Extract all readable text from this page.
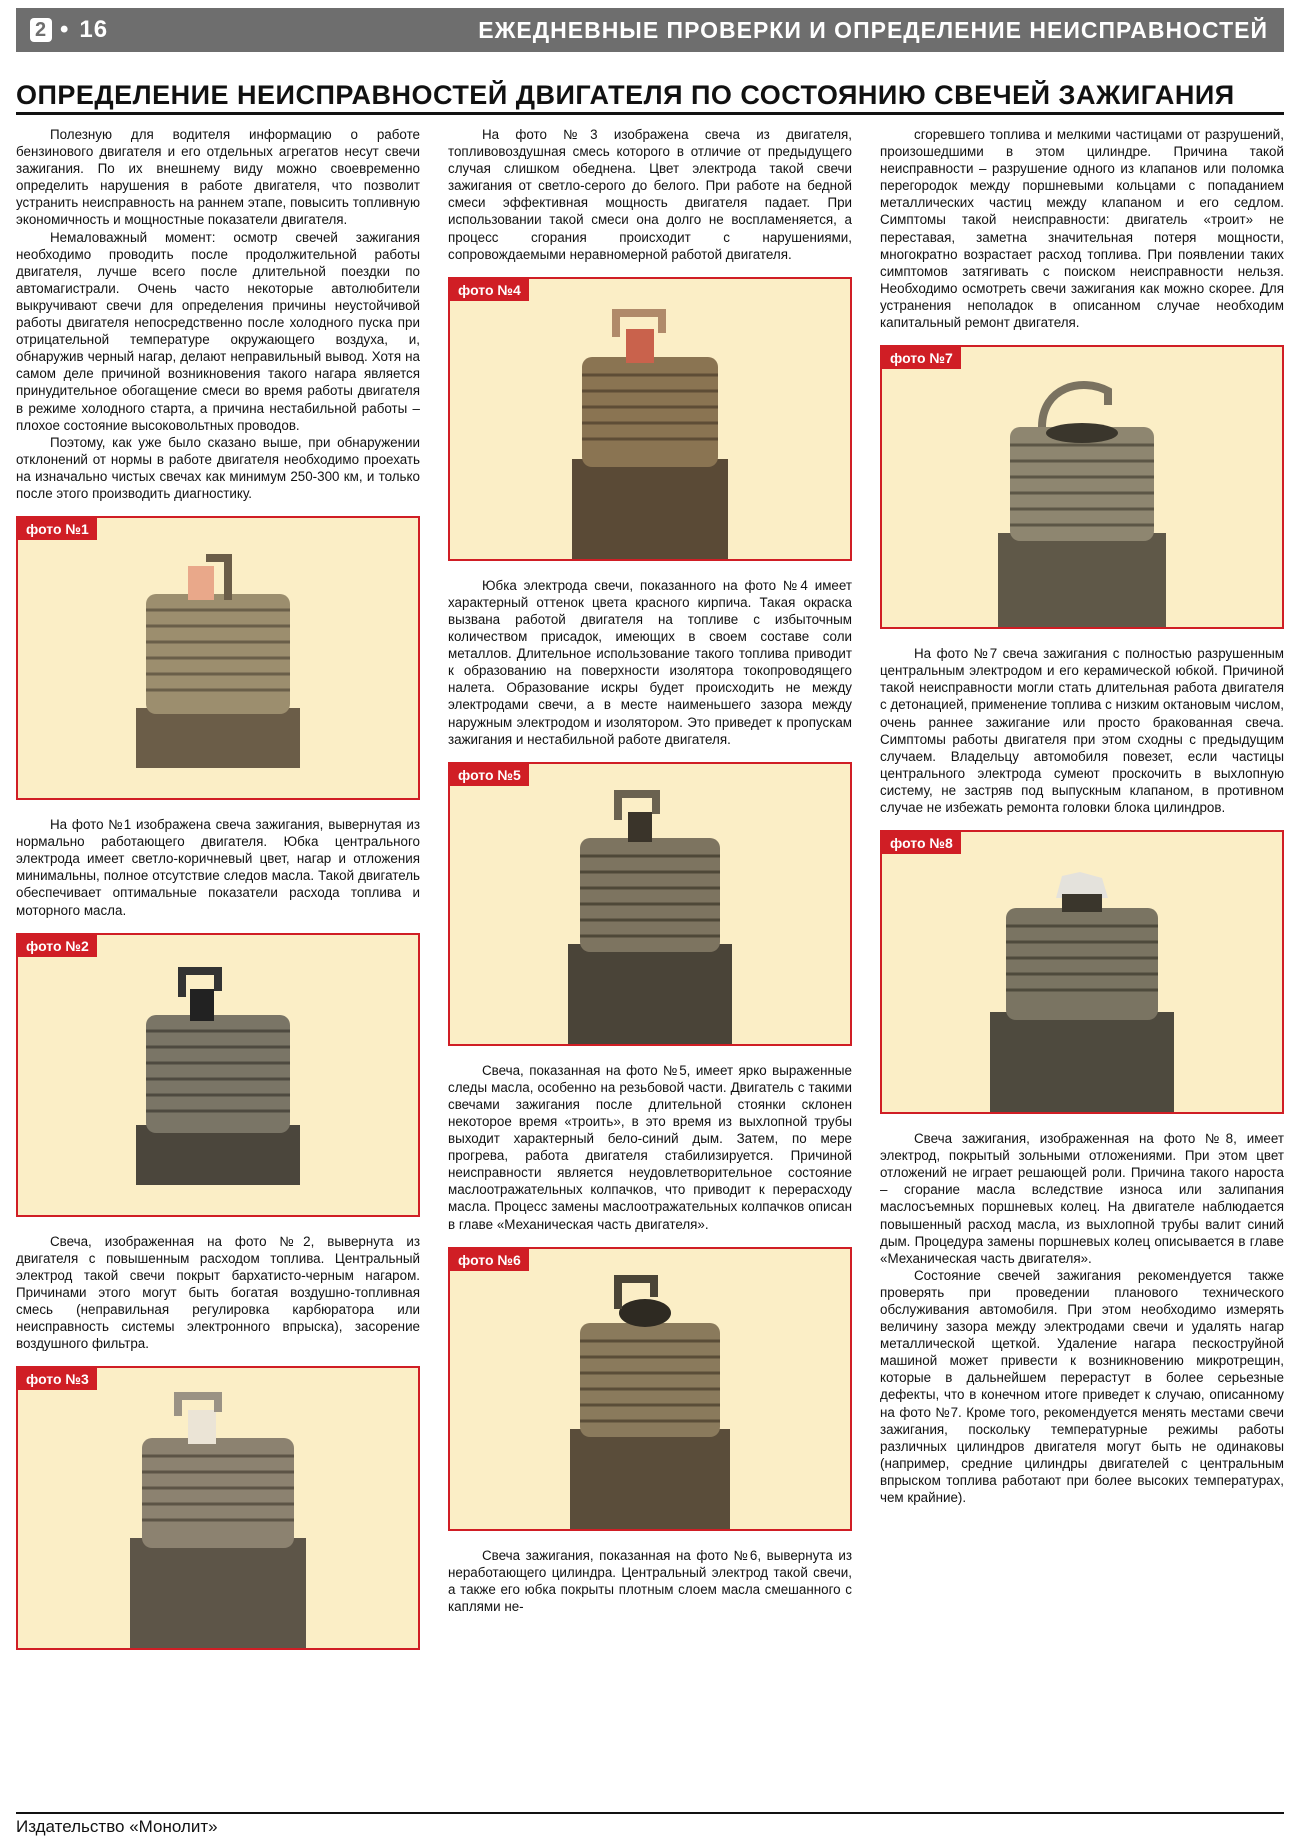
2 • 16	ЕЖЕДНЕВНЫЕ ПРОВЕРКИ И ОПРЕДЕЛЕНИЕ НЕИСПРАВНОСТЕЙ
ОПРЕДЕЛЕНИЕ НЕИСПРАВНОСТЕЙ ДВИГАТЕЛЯ ПО СОСТОЯНИЮ СВЕЧЕЙ ЗАЖИГАНИЯ

Полезную для водителя информацию о работе бензинового двигателя и его отдельных агрегатов несут свечи зажигания. По их внешнему виду можно своевременно определить нарушения в работе двигателя, что позволит устранить неисправность на раннем этапе, повысить топливную экономичность и мощностные показатели двигателя.

Немаловажный момент: осмотр свечей зажигания необходимо проводить после продолжительной работы двигателя, лучше всего после длительной поездки по автомагистрали. Очень часто некоторые автолюбители выкручивают свечи для определения причины неустойчивой работы двигателя непосредственно после холодного пуска при отрицательной температуре окружающего воздуха, и, обнаружив черный нагар, делают неправильный вывод. Хотя на самом деле причиной возникновения такого нагара является принудительное обогащение смеси во время работы двигателя в режиме холодного старта, а причина нестабильной работы – плохое состояние высоковольтных проводов.

Поэтому, как уже было сказано выше, при обнаружении отклонений от нормы в работе двигателя необходимо проехать на изначально чистых свечах как минимум 250-300 км, и только после этого производить диагностику.

фото №1

На фото №1 изображена свеча зажигания, вывернутая из нормально работающего двигателя. Юбка центрального электрода имеет светло-коричневый цвет, нагар и отложения минимальны, полное отсутствие следов масла. Такой двигатель обеспечивает оптимальные показатели расхода топлива и моторного масла.

фото №2

Свеча, изображенная на фото №2, вывернута из двигателя с повышенным расходом топлива. Центральный электрод такой свечи покрыт бархатисто-черным нагаром. Причинами этого могут быть богатая воздушно-топливная смесь (неправильная регулировка карбюратора или неисправность системы электронного впрыска), засорение воздушного фильтра.

фото №3

На фото №3 изображена свеча из двигателя, топливовоздушная смесь которого в отличие от предыдущего случая слишком обеднена. Цвет электрода такой свечи зажигания от светло-серого до белого. При работе на бедной смеси эффективная мощность двигателя падает. При использовании такой смеси она долго не воспламеняется, а процесс сгорания происходит с нарушениями, сопровождаемыми неравномерной работой двигателя.

фото №4

Юбка электрода свечи, показанного на фото №4 имеет характерный оттенок цвета красного кирпича. Такая окраска вызвана работой двигателя на топливе с избыточным количеством присадок, имеющих в своем составе соли металлов. Длительное использование такого топлива приводит к образованию на поверхности изолятора токопроводящего налета. Образование искры будет происходить не между электродами свечи, а в месте наименьшего зазора между наружным электродом и изолятором. Это приведет к пропускам зажигания и нестабильной работе двигателя.

фото №5

Свеча, показанная на фото №5, имеет ярко выраженные следы масла, особенно на резьбовой части. Двигатель с такими свечами зажигания после длительной стоянки склонен некоторое время «троить», в это время из выхлопной трубы выходит характерный бело-синий дым. Затем, по мере прогрева, работа двигателя стабилизируется. Причиной неисправности является неудовлетворительное состояние маслоотражательных колпачков, что приводит к перерасходу масла. Процесс замены маслоотражательных колпачков описан в главе «Механическая часть двигателя».

фото №6

Свеча зажигания, показанная на фото №6, вывернута из неработающего цилиндра. Центральный электрод такой свечи, а также его юбка покрыты плотным слоем масла смешанного с каплями не-

сгоревшего топлива и мелкими частицами от разрушений, произошедшими в этом цилиндре. Причина такой неисправности – разрушение одного из клапанов или поломка перегородок между поршневыми кольцами с попаданием металлических частиц между клапаном и его седлом. Симптомы такой неисправности: двигатель «троит» не переставая, заметна значительная потеря мощности, многократно возрастает расход топлива. При появлении таких симптомов затягивать с поиском неисправности нельзя. Необходимо осмотреть свечи зажигания как можно скорее. Для устранения неполадок в описанном случае необходим капитальный ремонт двигателя.

фото №7

На фото №7 свеча зажигания с полностью разрушенным центральным электродом и его керамической юбкой. Причиной такой неисправности могли стать длительная работа двигателя с детонацией, применение топлива с низким октановым числом, очень раннее зажигание или просто бракованная свеча. Симптомы работы двигателя при этом сходны с предыдущим случаем. Владельцу автомобиля повезет, если частицы центрального электрода сумеют проскочить в выхлопную систему, не застряв под выпускным клапаном, в противном случае не избежать ремонта головки блока цилиндров.

фото №8

Свеча зажигания, изображенная на фото №8, имеет электрод, покрытый зольными отложениями. При этом цвет отложений не играет решающей роли. Причина такого нароста – сгорание масла вследствие износа или залипания маслосъемных поршневых колец. На двигателе наблюдается повышенный расход масла, из выхлопной трубы валит синий дым. Процедура замены поршневых колец описывается в главе «Механическая часть двигателя».

Состояние свечей зажигания рекомендуется также проверять при проведении планового технического обслуживания автомобиля. При этом необходимо измерять величину зазора между электродами свечи и удалять нагар металлической щеткой. Удаление нагара пескоструйной машиной может привести к возникновению микротрещин, которые в дальнейшем перерастут в более серьезные дефекты, что в конечном итоге приведет к случаю, описанному на фото №7. Кроме того, рекомендуется менять местами свечи зажигания, поскольку температурные режимы работы различных цилиндров двигателя могут быть не одинаковы (например, средние цилиндры двигателей с центральным впрыском топлива работают при более высоких температурах, чем крайние).

Издательство «Монолит»
